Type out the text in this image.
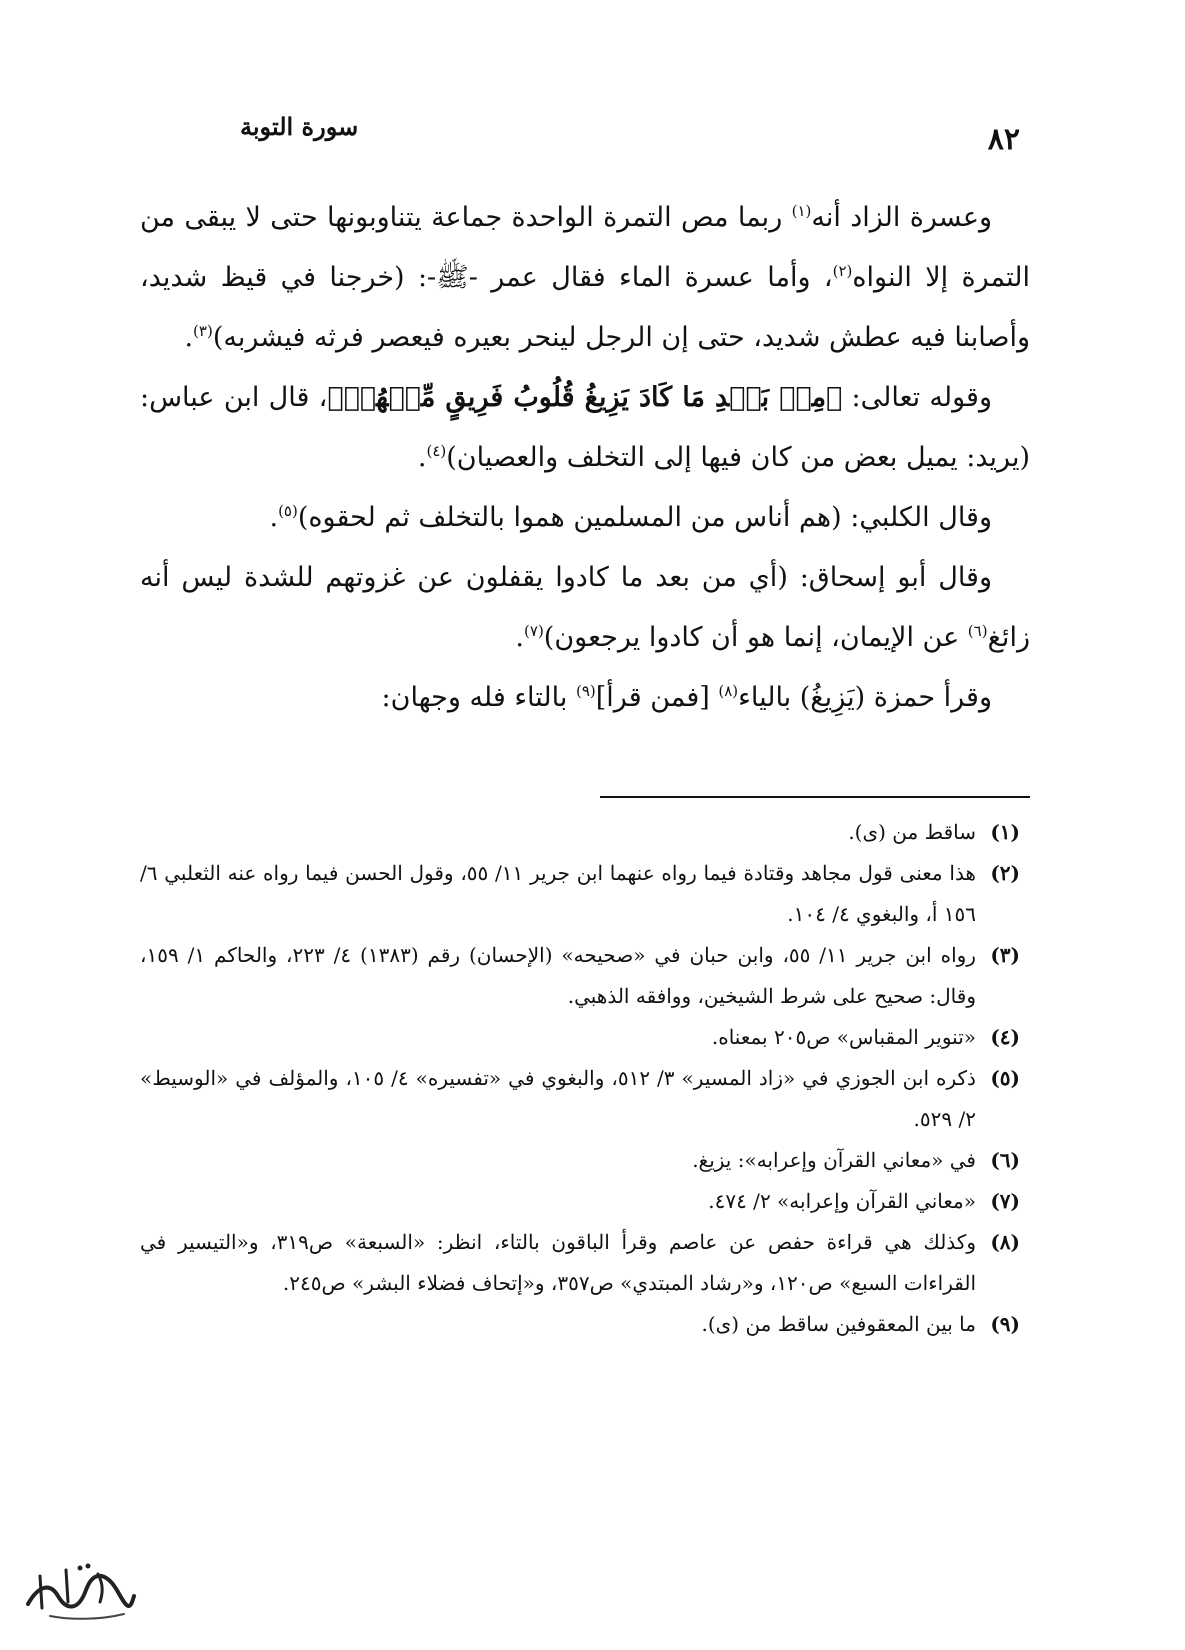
٨٢
سورة التوبة

وعسرة الزاد أنه$^{(١)}$ ربما مص التمرة الواحدة جماعة يتناوبونها حتى لا يبقى من التمرة إلا النواه$^{(٢)}$، وأما عسرة الماء فقال عمر -ﷺ-: (خرجنا في قيظ شديد، وأصابنا فيه عطش شديد، حتى إن الرجل لينحر بعيره فيعصر فرثه فيشربه)$^{(٣)}$.

وقوله تعالى: ﴿مِنۢ بَعۡدِ مَا كَادَ يَزِيغُ قُلُوبُ فَرِيقٍ مِّنۡهُمۡ﴾، قال ابن عباس: (يريد: يميل بعض من كان فيها إلى التخلف والعصيان)$^{(٤)}$.

وقال الكلبي: (هم أناس من المسلمين هموا بالتخلف ثم لحقوه)$^{(٥)}$.

وقال أبو إسحاق: (أي من بعد ما كادوا يقفلون عن غزوتهم للشدة ليس أنه زائغ$^{(٦)}$ عن الإيمان، إنما هو أن كادوا يرجعون)$^{(٧)}$.

وقرأ حمزة (يَزِيغُ) بالياء$^{(٨)}$ [فمن قرأ]$^{(٩)}$ بالتاء فله وجهان:

(١)
ساقط من (ى).
(٢)
هذا معنى قول مجاهد وقتادة فيما رواه عنهما ابن جرير ١١/ ٥٥، وقول الحسن فيما رواه عنه الثعلبي ٦/ ١٥٦ أ، والبغوي ٤/ ١٠٤.
(٣)
رواه ابن جرير ١١/ ٥٥، وابن حبان في «صحيحه» (الإحسان) رقم (١٣٨٣) ٤/ ٢٢٣، والحاكم ١/ ١٥٩، وقال: صحيح على شرط الشيخين، ووافقه الذهبي.
(٤)
«تنوير المقباس» ص٢٠٥ بمعناه.
(٥)
ذكره ابن الجوزي في «زاد المسير» ٣/ ٥١٢، والبغوي في «تفسيره» ٤/ ١٠٥، والمؤلف في «الوسيط» ٢/ ٥٢٩.
(٦)
في «معاني القرآن وإعرابه»: يزيغ.
(٧)
«معاني القرآن وإعرابه» ٢/ ٤٧٤.
(٨)
وكذلك هي قراءة حفص عن عاصم وقرأ الباقون بالتاء، انظر: «السبعة» ص٣١٩، و«التيسير في القراءات السبع» ص١٢٠، و«رشاد المبتدي» ص٣٥٧، و«إتحاف فضلاء البشر» ص٢٤٥.
(٩)
ما بين المعقوفين ساقط من (ى).
